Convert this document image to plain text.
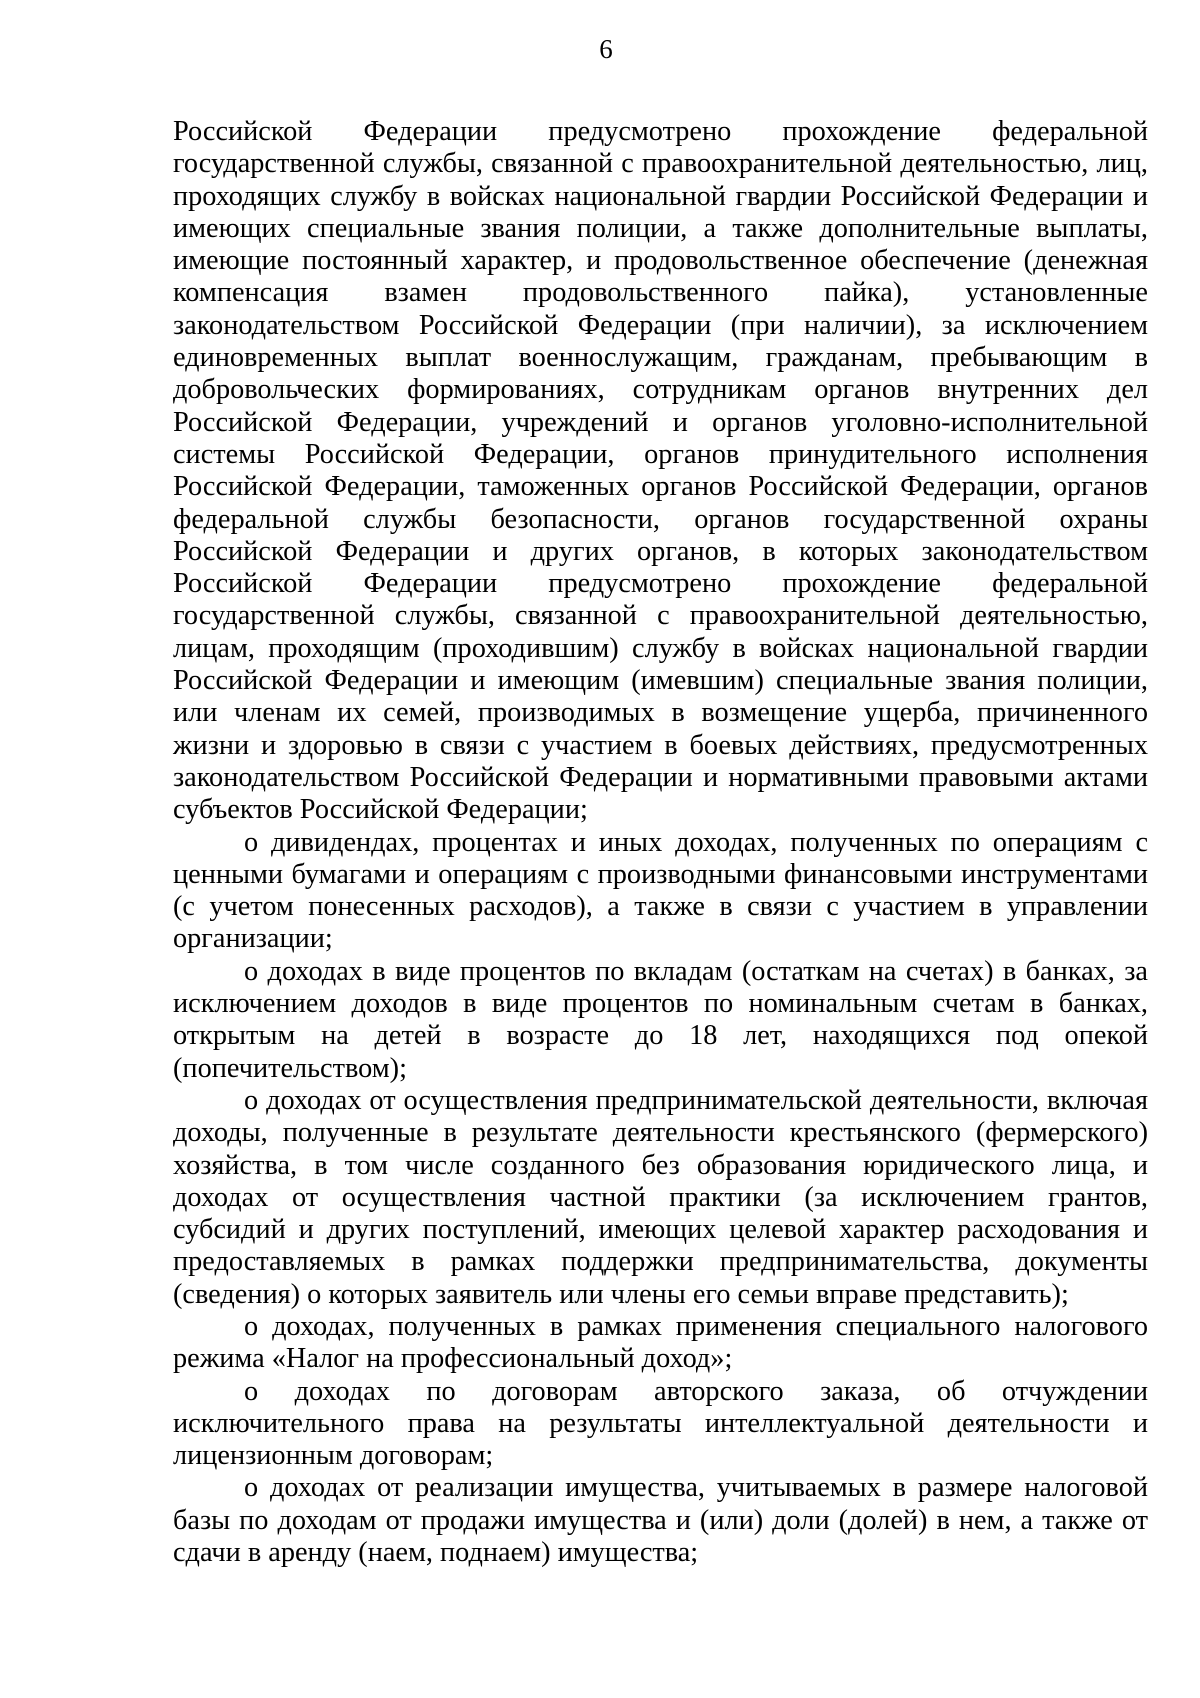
6

Российской Федерации предусмотрено прохождение федеральной государственной службы, связанной с правоохранительной деятельностью, лиц, проходящих службу в войсках национальной гвардии Российской Федерации и имеющих специальные звания полиции, а также дополнительные выплаты, имеющие постоянный характер, и продовольственное обеспечение (денежная компенсация взамен продовольственного пайка), установленные законодательством Российской Федерации (при наличии), за исключением единовременных выплат военнослужащим, гражданам, пребывающим в добровольческих формированиях, сотрудникам органов внутренних дел Российской Федерации, учреждений и органов уголовно-исполнительной системы Российской Федерации, органов принудительного исполнения Российской Федерации, таможенных органов Российской Федерации, органов федеральной службы безопасности, органов государственной охраны Российской Федерации и других органов, в которых законодательством Российской Федерации предусмотрено прохождение федеральной государственной службы, связанной с правоохранительной деятельностью, лицам, проходящим (проходившим) службу в войсках национальной гвардии Российской Федерации и имеющим (имевшим) специальные звания полиции, или членам их семей, производимых в возмещение ущерба, причиненного жизни и здоровью в связи с участием в боевых действиях, предусмотренных законодательством Российской Федерации и нормативными правовыми актами субъектов Российской Федерации;

о дивидендах, процентах и иных доходах, полученных по операциям с ценными бумагами и операциям с производными финансовыми инструментами (с учетом понесенных расходов), а также в связи с участием в управлении организации;

о доходах в виде процентов по вкладам (остаткам на счетах) в банках, за исключением доходов в виде процентов по номинальным счетам в банках, открытым на детей в возрасте до 18 лет, находящихся под опекой (попечительством);

о доходах от осуществления предпринимательской деятельности, включая доходы, полученные в результате деятельности крестьянского (фермерского) хозяйства, в том числе созданного без образования юридического лица, и доходах от осуществления частной практики (за исключением грантов, субсидий и других поступлений, имеющих целевой характер расходования и предоставляемых в рамках поддержки предпринимательства, документы (сведения) о которых заявитель или члены его семьи вправе представить);

о доходах, полученных в рамках применения специального налогового режима «Налог на профессиональный доход»;

о доходах по договорам авторского заказа, об отчуждении исключительного права на результаты интеллектуальной деятельности и лицензионным договорам;

о доходах от реализации имущества, учитываемых в размере налоговой базы по доходам от продажи имущества и (или) доли (долей) в нем, а также от сдачи в аренду (наем, поднаем) имущества;
